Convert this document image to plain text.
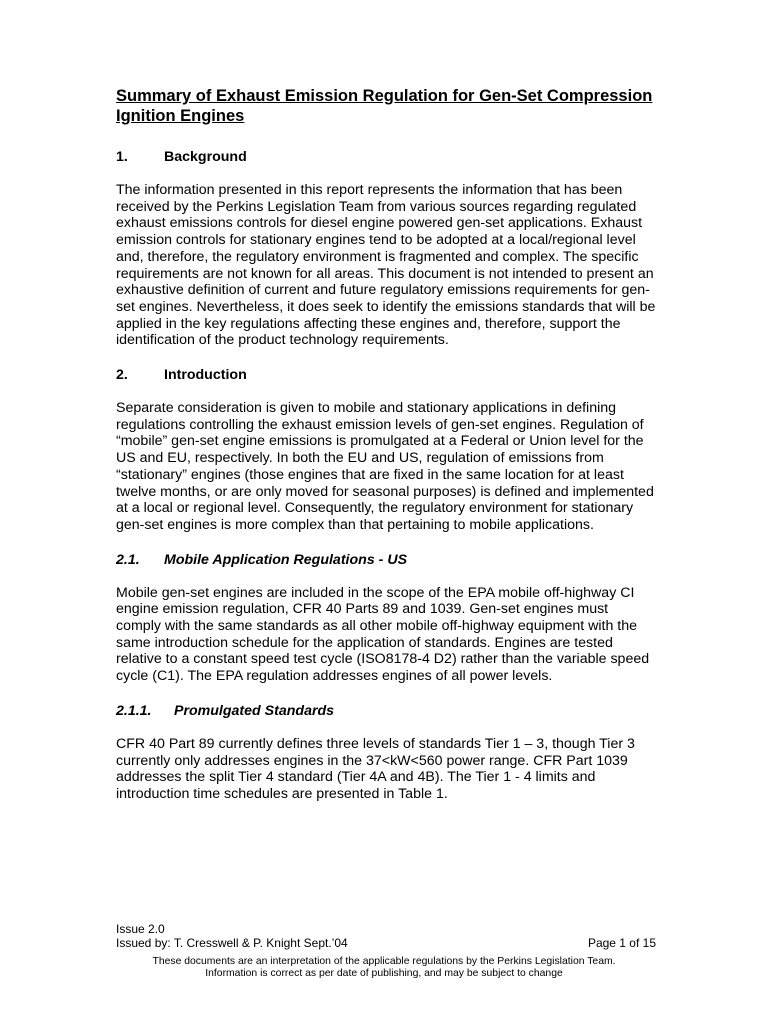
Summary of Exhaust Emission Regulation for Gen-Set Compression Ignition Engines
1.	Background
The information presented in this report represents the information that has been received by the Perkins Legislation Team from various sources regarding regulated exhaust emissions controls for diesel engine powered gen-set applications. Exhaust emission controls for stationary engines tend to be adopted at a local/regional level and, therefore, the regulatory environment is fragmented and complex. The specific requirements are not known for all areas. This document is not intended to present an exhaustive definition of current and future regulatory emissions requirements for gen-set engines. Nevertheless, it does seek to identify the emissions standards that will be applied in the key regulations affecting these engines and, therefore, support the identification of the product technology requirements.
2.	Introduction
Separate consideration is given to mobile and stationary applications in defining regulations controlling the exhaust emission levels of gen-set engines. Regulation of “mobile” gen-set engine emissions is promulgated at a Federal or Union level for the US and EU, respectively. In both the EU and US, regulation of emissions from “stationary” engines (those engines that are fixed in the same location for at least twelve months, or are only moved for seasonal purposes) is defined and implemented at a local or regional level. Consequently, the regulatory environment for stationary gen-set engines is more complex than that pertaining to mobile applications.
2.1. Mobile Application Regulations - US
Mobile gen-set engines are included in the scope of the EPA mobile off-highway CI engine emission regulation, CFR 40 Parts 89 and 1039. Gen-set engines must comply with the same standards as all other mobile off-highway equipment with the same introduction schedule for the application of standards. Engines are tested relative to a constant speed test cycle (ISO8178-4 D2) rather than the variable speed cycle (C1). The EPA regulation addresses engines of all power levels.
2.1.1. Promulgated Standards
CFR 40 Part 89 currently defines three levels of standards Tier 1 – 3, though Tier 3 currently only addresses engines in the 37<kW<560 power range. CFR Part 1039 addresses the split Tier 4 standard (Tier 4A and 4B). The Tier 1 - 4 limits and introduction time schedules are presented in Table 1.
Issue 2.0
Issued by: T. Cresswell & P. Knight Sept.’04	Page 1 of 15
These documents are an interpretation of the applicable regulations by the Perkins Legislation Team.
Information is correct as per date of publishing, and may be subject to change
